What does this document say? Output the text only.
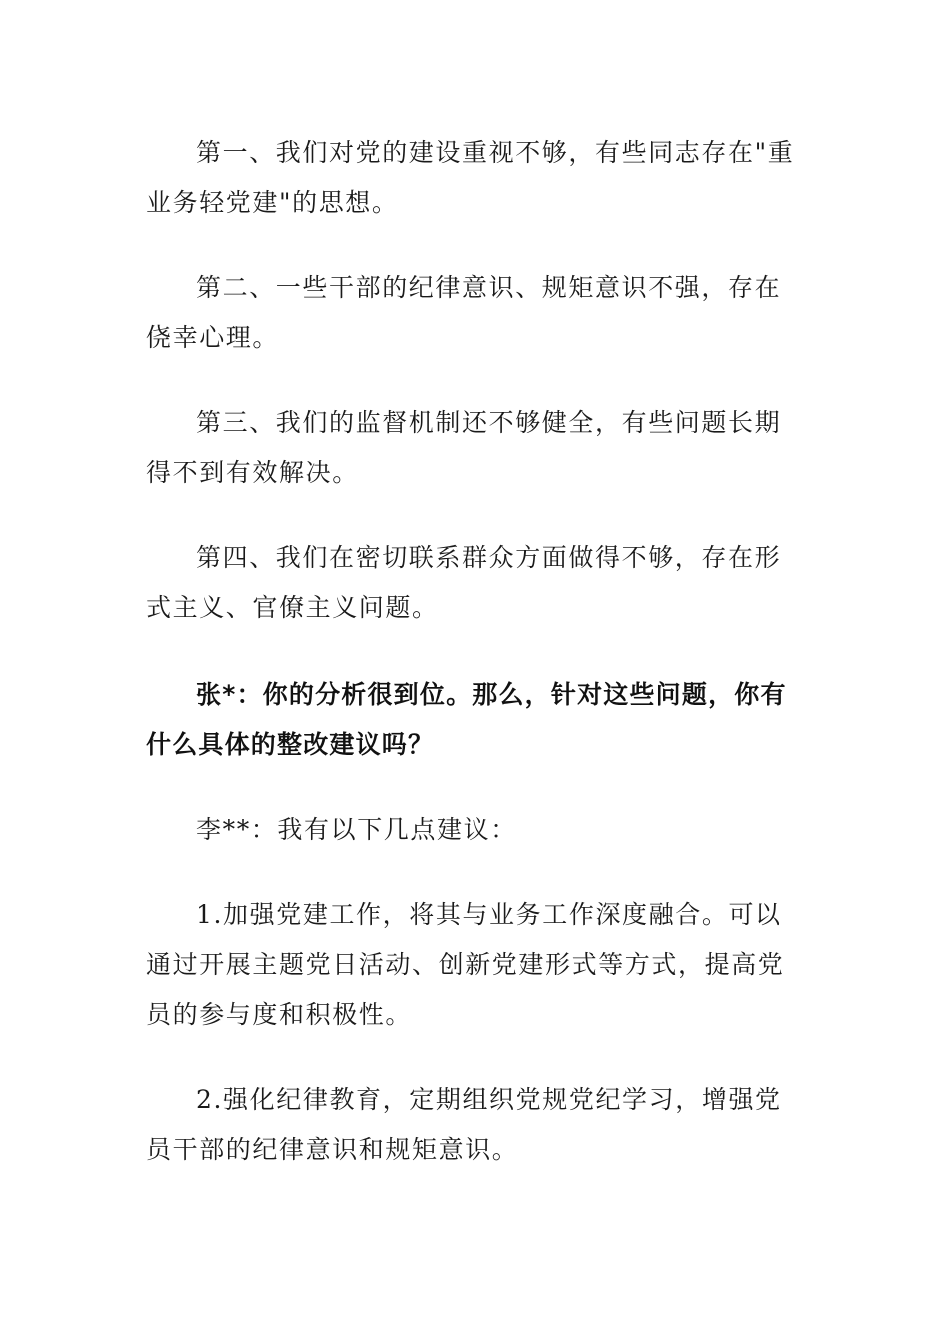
第一、我们对党的建设重视不够，有些同志存在"重业务轻党建"的思想。

第二、一些干部的纪律意识、规矩意识不强，存在侥幸心理。

第三、我们的监督机制还不够健全，有些问题长期得不到有效解决。

第四、我们在密切联系群众方面做得不够，存在形式主义、官僚主义问题。

张*：你的分析很到位。那么，针对这些问题，你有什么具体的整改建议吗？

李**：我有以下几点建议：

1.加强党建工作，将其与业务工作深度融合。可以通过开展主题党日活动、创新党建形式等方式，提高党员的参与度和积极性。

2.强化纪律教育，定期组织党规党纪学习，增强党员干部的纪律意识和规矩意识。
